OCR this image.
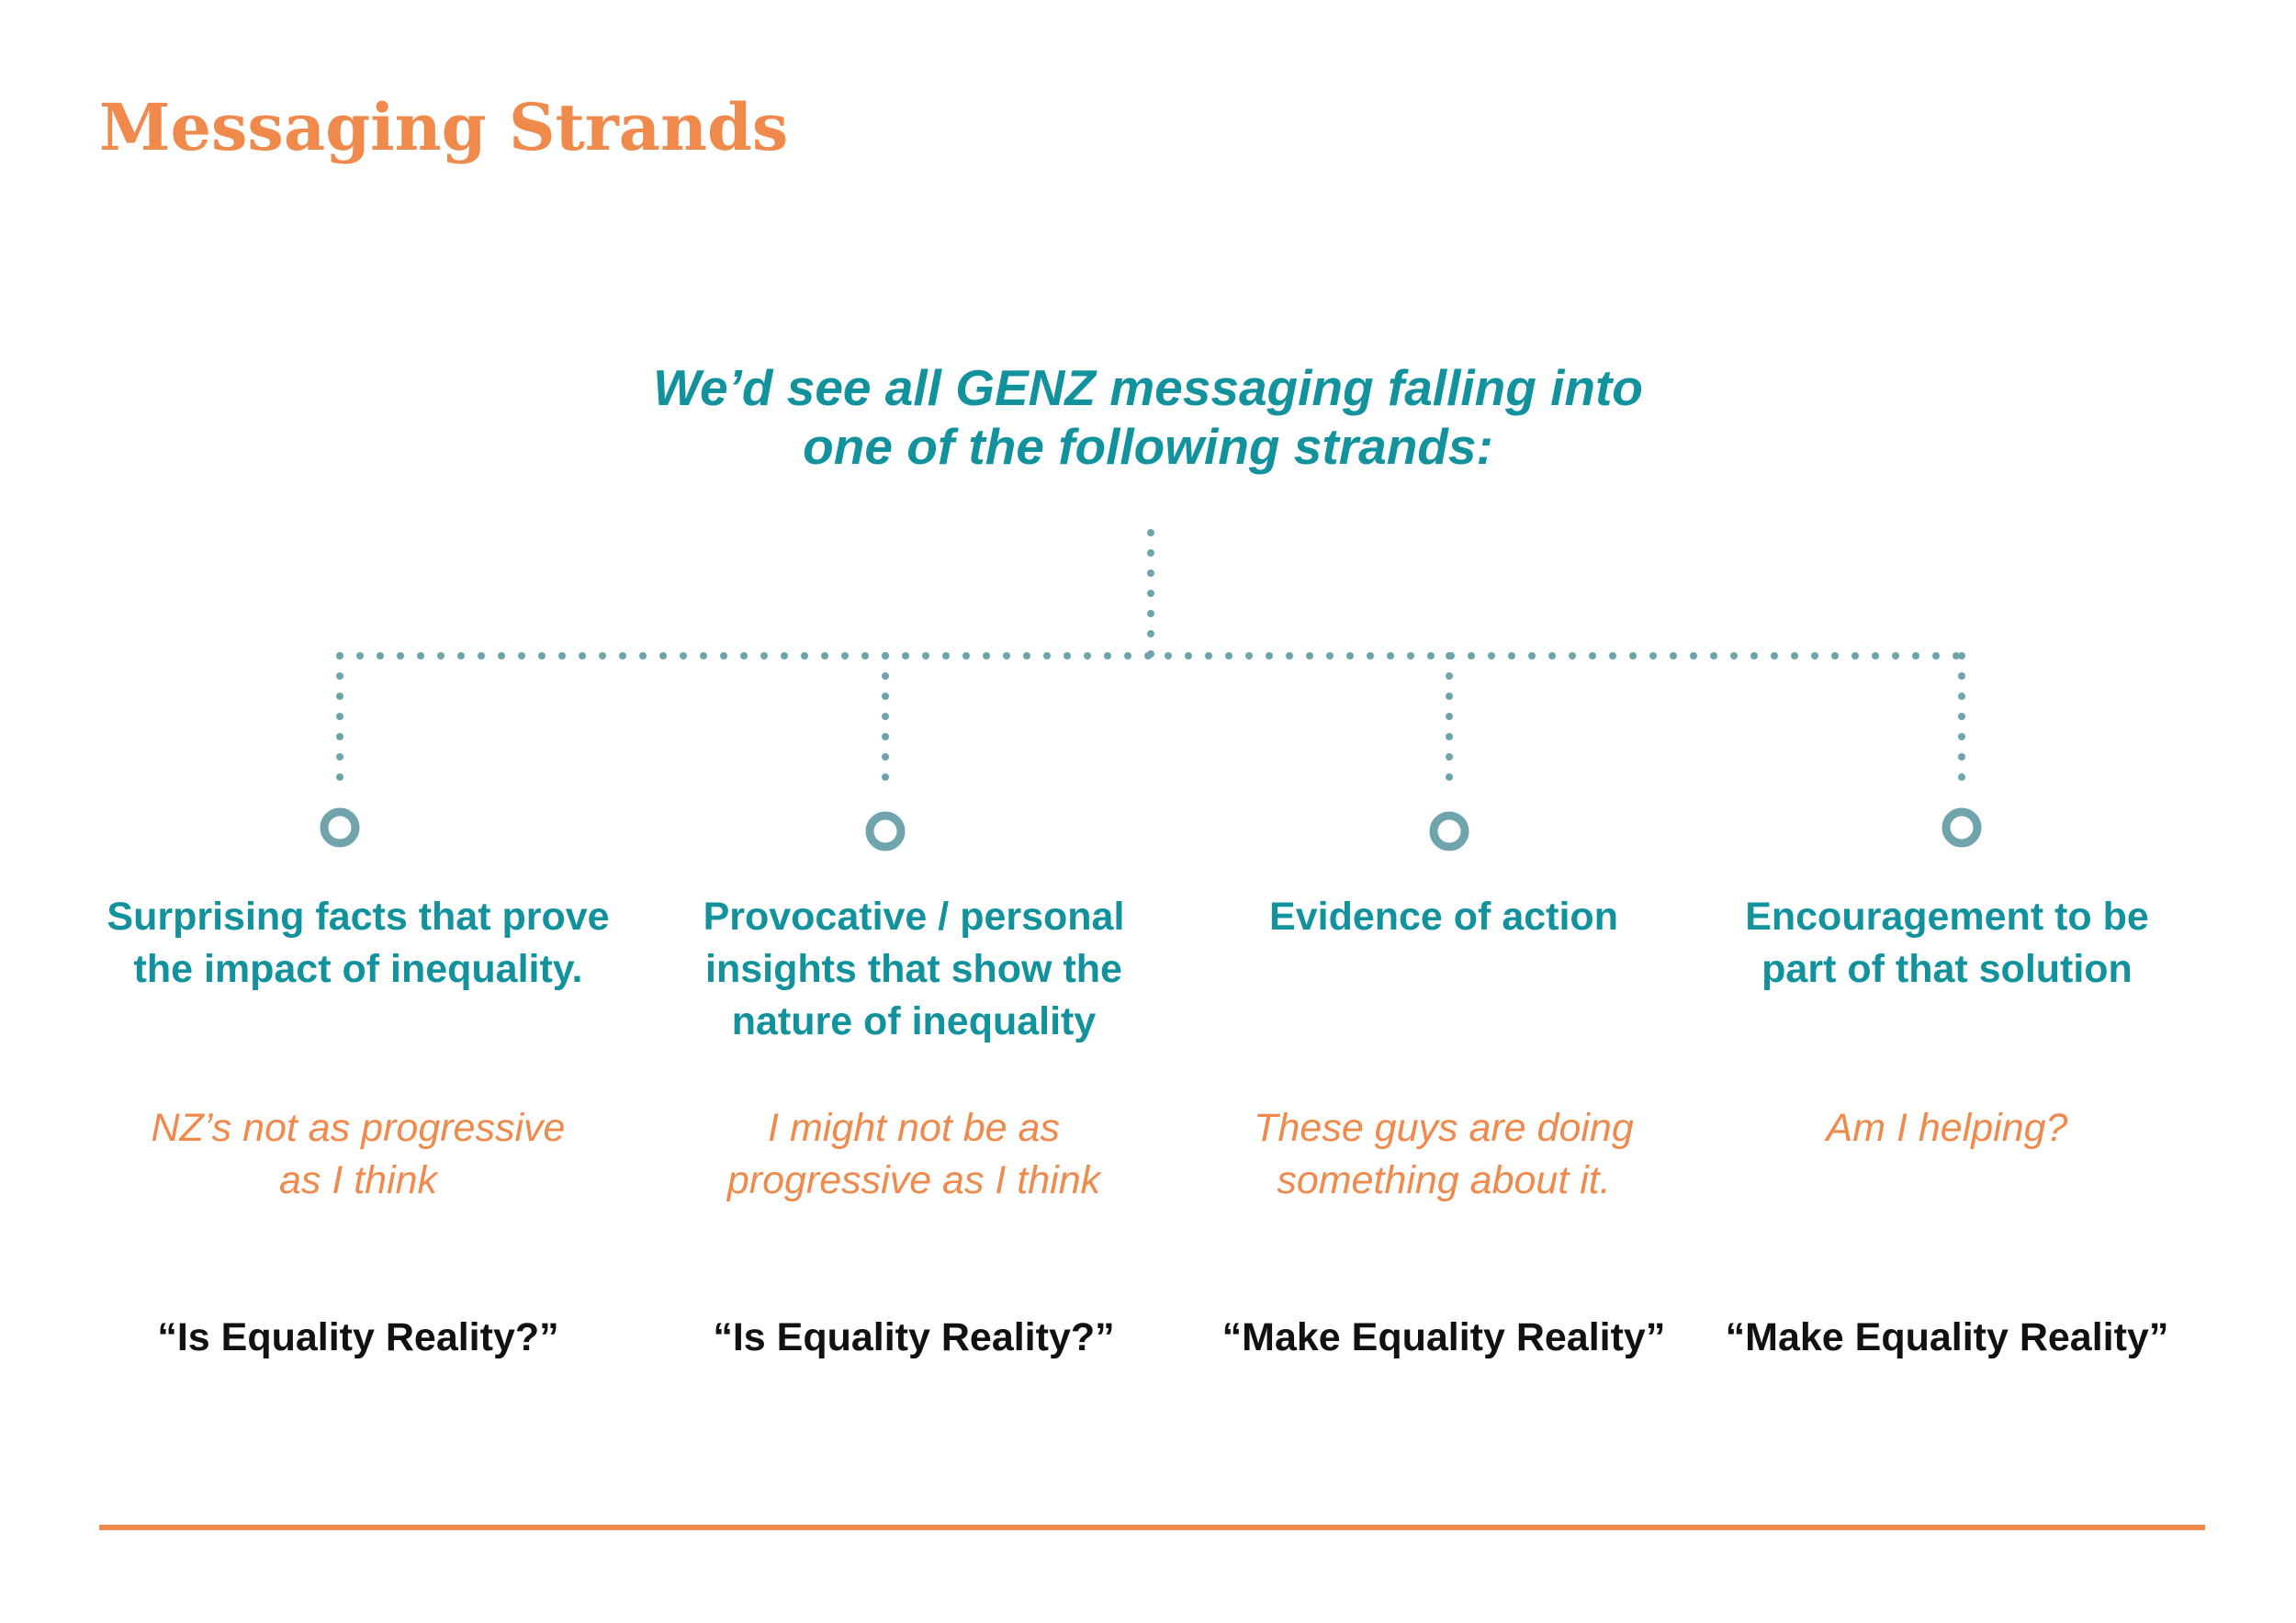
Messaging Strands
We’d see all GENZ messaging falling into
one of the following strands:
Surprising facts that prove
the impact of inequality.
NZ’s not as progressive
as I think
“Is Equality Reality?”
Provocative / personal
insights that show the
nature of inequality
I might not be as
progressive as I think
“Is Equality Reality?”
Evidence of action
These guys are doing
something about it.
“Make Equality Reality”
Encouragement to be
part of that solution
Am I helping?
“Make Equality Reality”
